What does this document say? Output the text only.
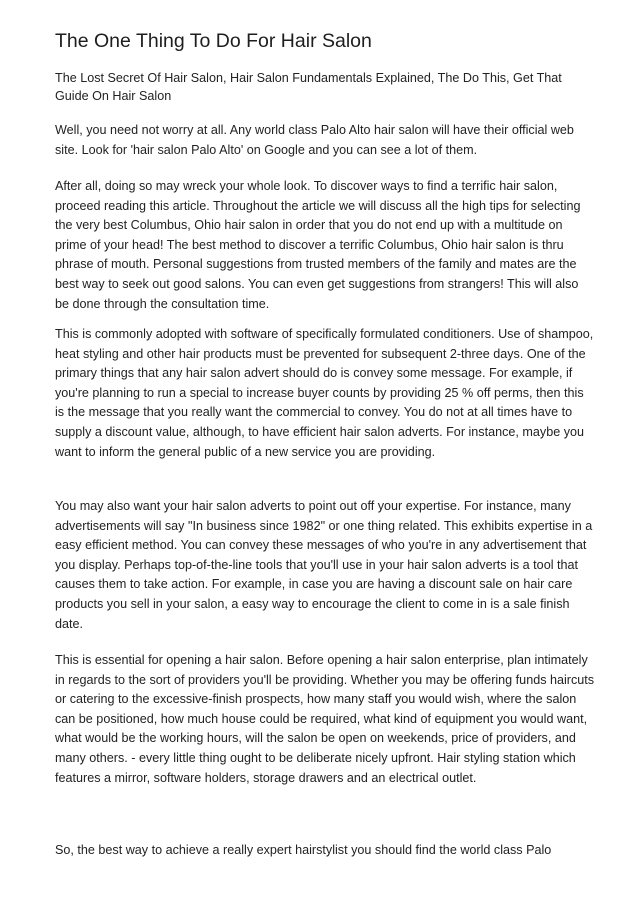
The One Thing To Do For Hair Salon

The Lost Secret Of Hair Salon, Hair Salon Fundamentals Explained, The Do This, Get That Guide On Hair Salon

Well, you need not worry at all. Any world class Palo Alto hair salon will have their official web site. Look for 'hair salon Palo Alto' on Google and you can see a lot of them.

After all, doing so may wreck your whole look. To discover ways to find a terrific hair salon, proceed reading this article. Throughout the article we will discuss all the high tips for selecting the very best Columbus, Ohio hair salon in order that you do not end up with a multitude on prime of your head! The best method to discover a terrific Columbus, Ohio hair salon is thru phrase of mouth. Personal suggestions from trusted members of the family and mates are the best way to seek out good salons. You can even get suggestions from strangers! This will also be done through the consultation time.

This is commonly adopted with software of specifically formulated conditioners. Use of shampoo, heat styling and other hair products must be prevented for subsequent 2-three days. One of the primary things that any hair salon advert should do is convey some message. For example, if you're planning to run a special to increase buyer counts by providing 25 % off perms, then this is the message that you really want the commercial to convey. You do not at all times have to supply a discount value, although, to have efficient hair salon adverts. For instance, maybe you want to inform the general public of a new service you are providing.

You may also want your hair salon adverts to point out off your expertise. For instance, many advertisements will say "In business since 1982" or one thing related. This exhibits expertise in a easy efficient method. You can convey these messages of who you're in any advertisement that you display. Perhaps top-of-the-line tools that you'll use in your hair salon adverts is a tool that causes them to take action. For example, in case you are having a discount sale on hair care products you sell in your salon, a easy way to encourage the client to come in is a sale finish date.

This is essential for opening a hair salon. Before opening a hair salon enterprise, plan intimately in regards to the sort of providers you'll be providing. Whether you may be offering funds haircuts or catering to the excessive-finish prospects, how many staff you would wish, where the salon can be positioned, how much house could be required, what kind of equipment you would want, what would be the working hours, will the salon be open on weekends, price of providers, and many others. - every little thing ought to be deliberate nicely upfront. Hair styling station which features a mirror, software holders, storage drawers and an electrical outlet.

So, the best way to achieve a really expert hairstylist you should find the world class Palo
